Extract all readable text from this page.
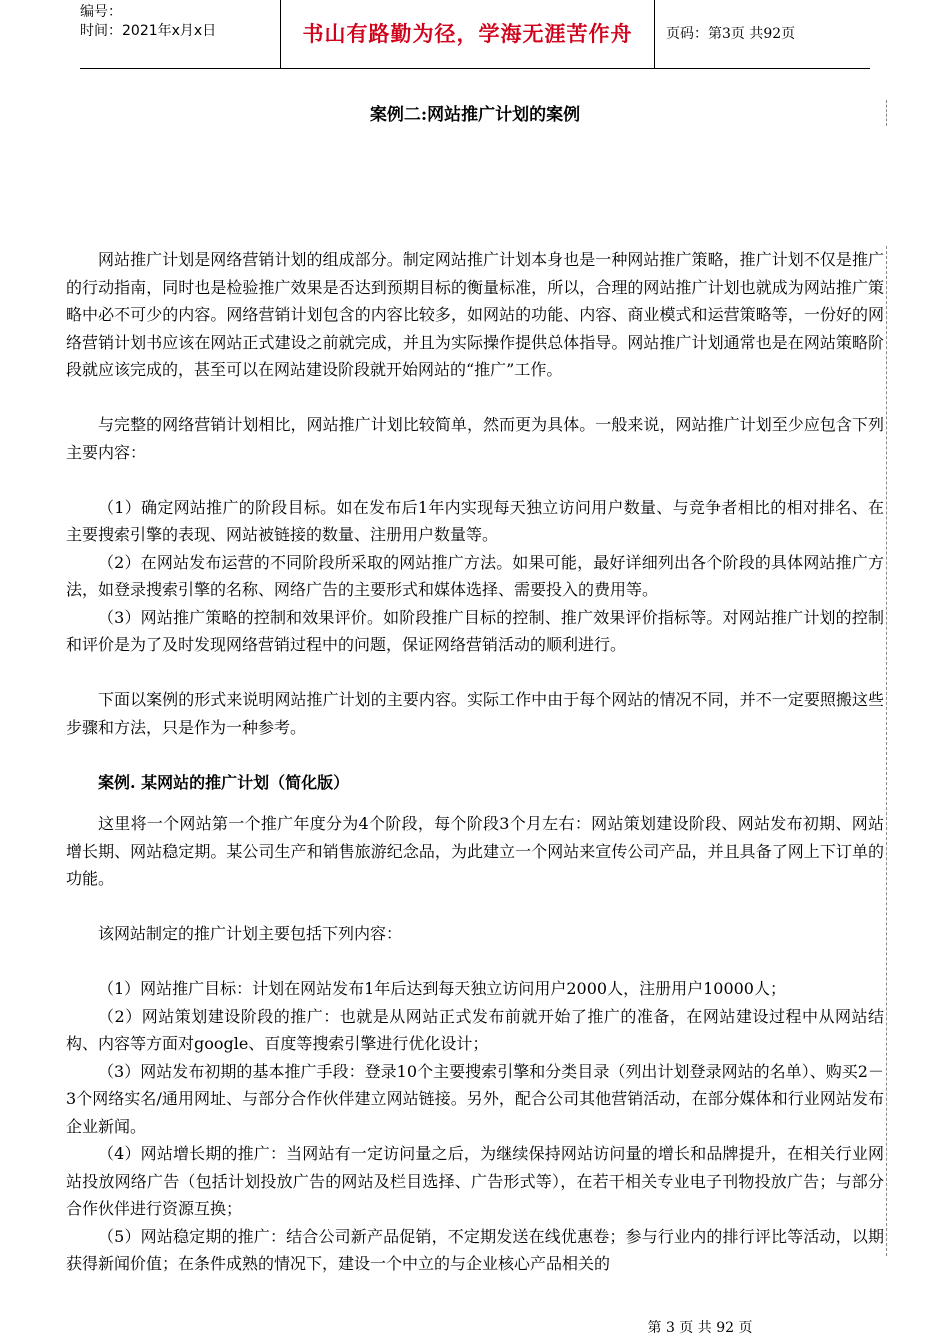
编号：
时间：2021年x月x日	书山有路勤为径，学海无涯苦作舟	页码：第3页 共92页
案例二:网站推广计划的案例

网站推广计划是网络营销计划的组成部分。制定网站推广计划本身也是一种网站推广策略，推广计划不仅是推广的行动指南，同时也是检验推广效果是否达到预期目标的衡量标准，所以，合理的网站推广计划也就成为网站推广策略中必不可少的内容。网络营销计划包含的内容比较多，如网站的功能、内容、商业模式和运营策略等，一份好的网络营销计划书应该在网站正式建设之前就完成，并且为实际操作提供总体指导。网站推广计划通常也是在网站策略阶段就应该完成的，甚至可以在网站建设阶段就开始网站的“推广”工作。

与完整的网络营销计划相比，网站推广计划比较简单，然而更为具体。一般来说，网站推广计划至少应包含下列主要内容：

（1）确定网站推广的阶段目标。如在发布后1年内实现每天独立访问用户数量、与竞争者相比的相对排名、在主要搜索引擎的表现、网站被链接的数量、注册用户数量等。

（2）在网站发布运营的不同阶段所采取的网站推广方法。如果可能，最好详细列出各个阶段的具体网站推广方法，如登录搜索引擎的名称、网络广告的主要形式和媒体选择、需要投入的费用等。

（3）网站推广策略的控制和效果评价。如阶段推广目标的控制、推广效果评价指标等。对网站推广计划的控制和评价是为了及时发现网络营销过程中的问题，保证网络营销活动的顺利进行。

下面以案例的形式来说明网站推广计划的主要内容。实际工作中由于每个网站的情况不同，并不一定要照搬这些步骤和方法，只是作为一种参考。

案例. 某网站的推广计划（简化版）

这里将一个网站第一个推广年度分为4个阶段，每个阶段3个月左右：网站策划建设阶段、网站发布初期、网站增长期、网站稳定期。某公司生产和销售旅游纪念品，为此建立一个网站来宣传公司产品，并且具备了网上下订单的功能。

该网站制定的推广计划主要包括下列内容：

（1）网站推广目标：计划在网站发布1年后达到每天独立访问用户2000人，注册用户10000人；

（2）网站策划建设阶段的推广：也就是从网站正式发布前就开始了推广的准备，在网站建设过程中从网站结构、内容等方面对google、百度等搜索引擎进行优化设计；

（3）网站发布初期的基本推广手段：登录10个主要搜索引擎和分类目录（列出计划登录网站的名单）、购买2－3个网络实名/通用网址、与部分合作伙伴建立网站链接。另外，配合公司其他营销活动，在部分媒体和行业网站发布企业新闻。

（4）网站增长期的推广：当网站有一定访问量之后，为继续保持网站访问量的增长和品牌提升，在相关行业网站投放网络广告（包括计划投放广告的网站及栏目选择、广告形式等），在若干相关专业电子刊物投放广告；与部分合作伙伴进行资源互换；

（5）网站稳定期的推广：结合公司新产品促销，不定期发送在线优惠卷；参与行业内的排行评比等活动，以期获得新闻价值；在条件成熟的情况下，建设一个中立的与企业核心产品相关的

第 3 页 共 92 页
